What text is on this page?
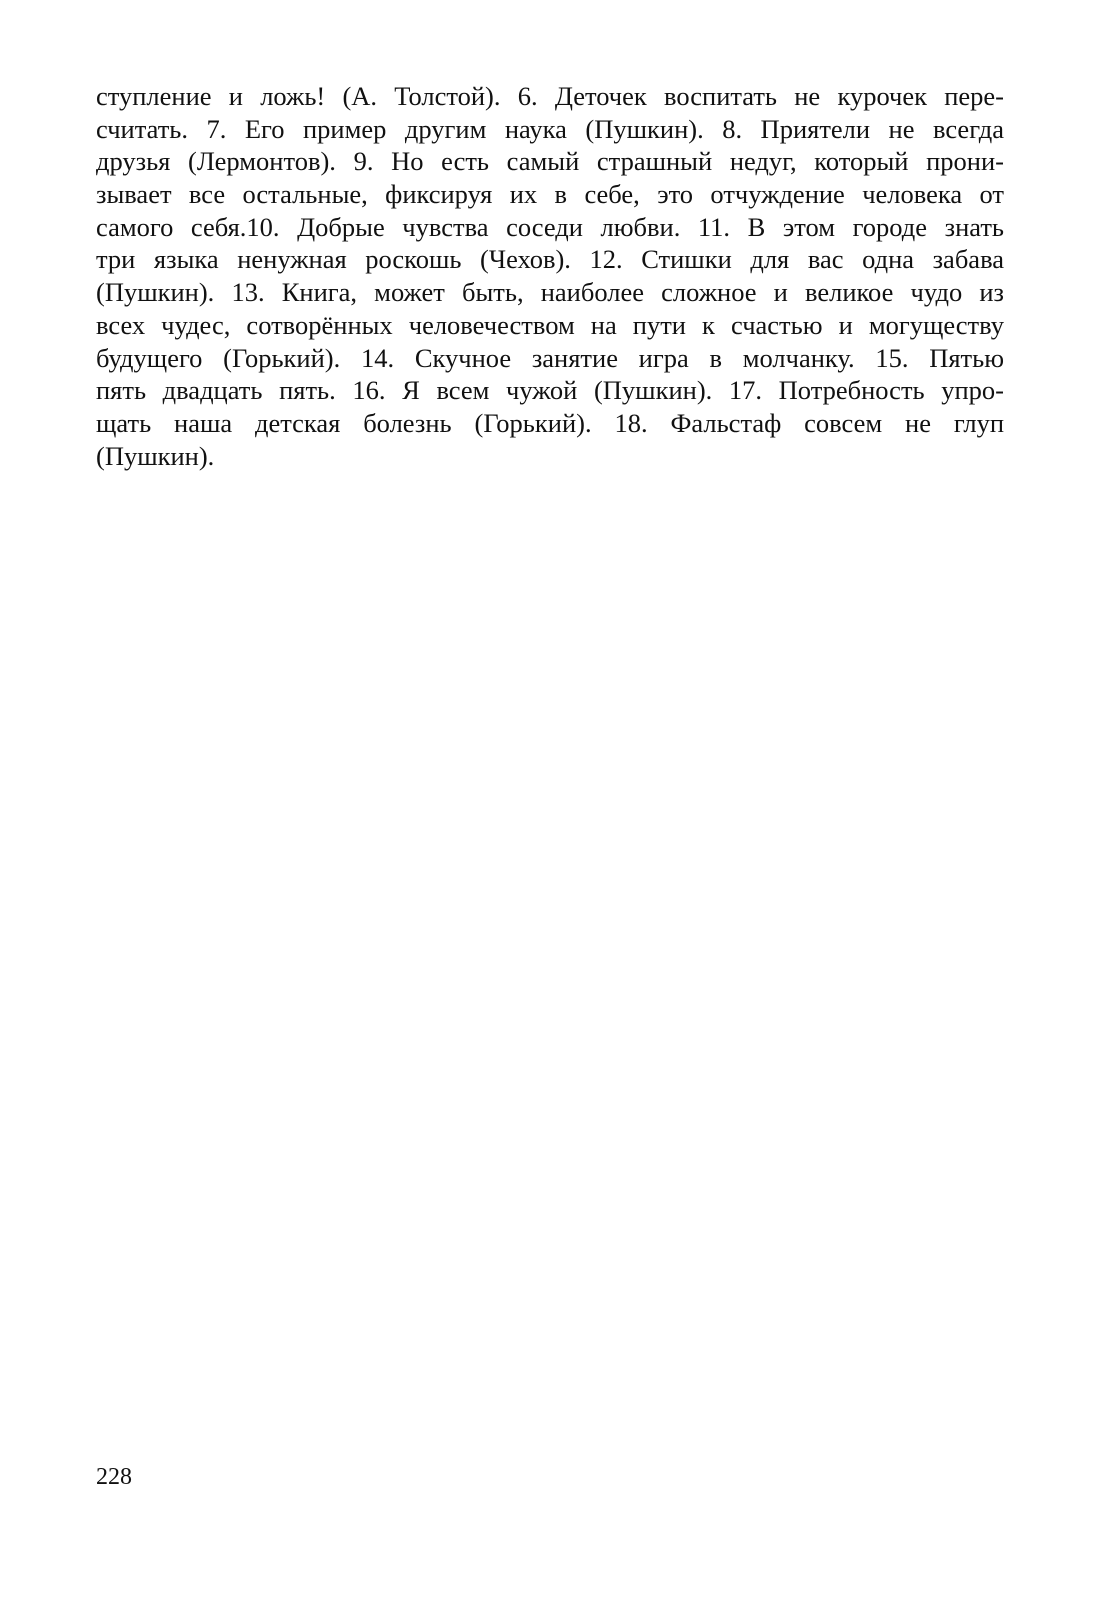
ступление и ложь! (А. Толстой). 6. Деточек воспитать не курочек пере-
считать. 7. Его пример другим наука (Пушкин). 8. Приятели не всегда
друзья (Лермонтов). 9. Но есть самый страшный недуг, который прони-
зывает все остальные, фиксируя их в себе, это отчуждение человека от
самого себя.10. Добрые чувства соседи любви. 11. В этом городе знать
три языка ненужная роскошь (Чехов). 12. Стишки для вас одна забава
(Пушкин). 13. Книга, может быть, наиболее сложное и великое чудо из
всех чудес, сотворённых человечеством на пути к счастью и могуществу
будущего (Горький). 14. Скучное занятие игра в молчанку. 15. Пятью
пять двадцать пять. 16. Я всем чужой (Пушкин). 17. Потребность упро-
щать наша детская болезнь (Горький). 18. Фальстаф совсем не глуп
(Пушкин).
228
